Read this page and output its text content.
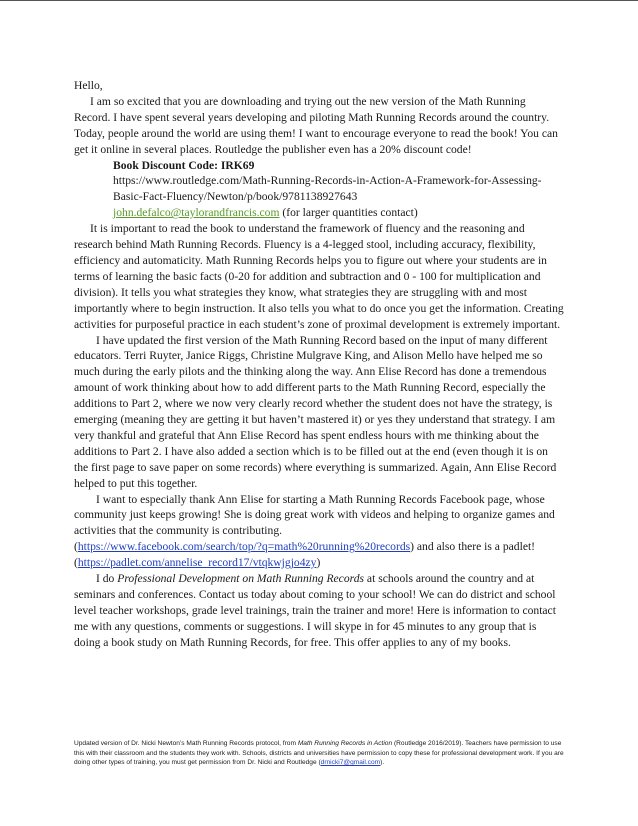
Hello,

I am so excited that you are downloading and trying out the new version of the Math Running Record. I have spent several years developing and piloting Math Running Records around the country. Today, people around the world are using them! I want to encourage everyone to read the book! You can get it online in several places. Routledge the publisher even has a 20% discount code!

Book Discount Code: IRK69

https://www.routledge.com/Math-Running-Records-in-Action-A-Framework-for-Assessing-Basic-Fact-Fluency/Newton/p/book/9781138927643

john.defalco@taylorandfrancis.com (for larger quantities contact)

It is important to read the book to understand the framework of fluency and the reasoning and research behind Math Running Records. Fluency is a 4-legged stool, including accuracy, flexibility, efficiency and automaticity. Math Running Records helps you to figure out where your students are in terms of learning the basic facts (0-20 for addition and subtraction and 0 - 100 for multiplication and division). It tells you what strategies they know, what strategies they are struggling with and most importantly where to begin instruction. It also tells you what to do once you get the information. Creating activities for purposeful practice in each student’s zone of proximal development is extremely important.

I have updated the first version of the Math Running Record based on the input of many different educators. Terri Ruyter, Janice Riggs, Christine Mulgrave King, and Alison Mello have helped me so much during the early pilots and the thinking along the way. Ann Elise Record has done a tremendous amount of work thinking about how to add different parts to the Math Running Record, especially the additions to Part 2, where we now very clearly record whether the student does not have the strategy, is emerging (meaning they are getting it but haven’t mastered it) or yes they understand that strategy. I am very thankful and grateful that Ann Elise Record has spent endless hours with me thinking about the additions to Part 2. I have also added a section which is to be filled out at the end (even though it is on the first page to save paper on some records) where everything is summarized. Again, Ann Elise Record helped to put this together.

I want to especially thank Ann Elise for starting a Math Running Records Facebook page, whose community just keeps growing! She is doing great work with videos and helping to organize games and activities that the community is contributing.
(https://www.facebook.com/search/top/?q=math%20running%20records) and also there is a padlet! (https://padlet.com/annelise_record17/vtqkwjgjo4zy)

I do Professional Development on Math Running Records at schools around the country and at seminars and conferences. Contact us today about coming to your school! We can do district and school level teacher workshops, grade level trainings, train the trainer and more! Here is information to contact me with any questions, comments or suggestions. I will skype in for 45 minutes to any group that is doing a book study on Math Running Records, for free. This offer applies to any of my books.

Updated version of Dr. Nicki Newton’s Math Running Records protocol, from Math Running Records in Action (Routledge 2016/2019). Teachers have permission to use this with their classroom and the students they work with. Schools, districts and universities have permission to copy these for professional development work. If you are doing other types of training, you must get permission from Dr. Nicki and Routledge (drnicki7@gmail.com).
